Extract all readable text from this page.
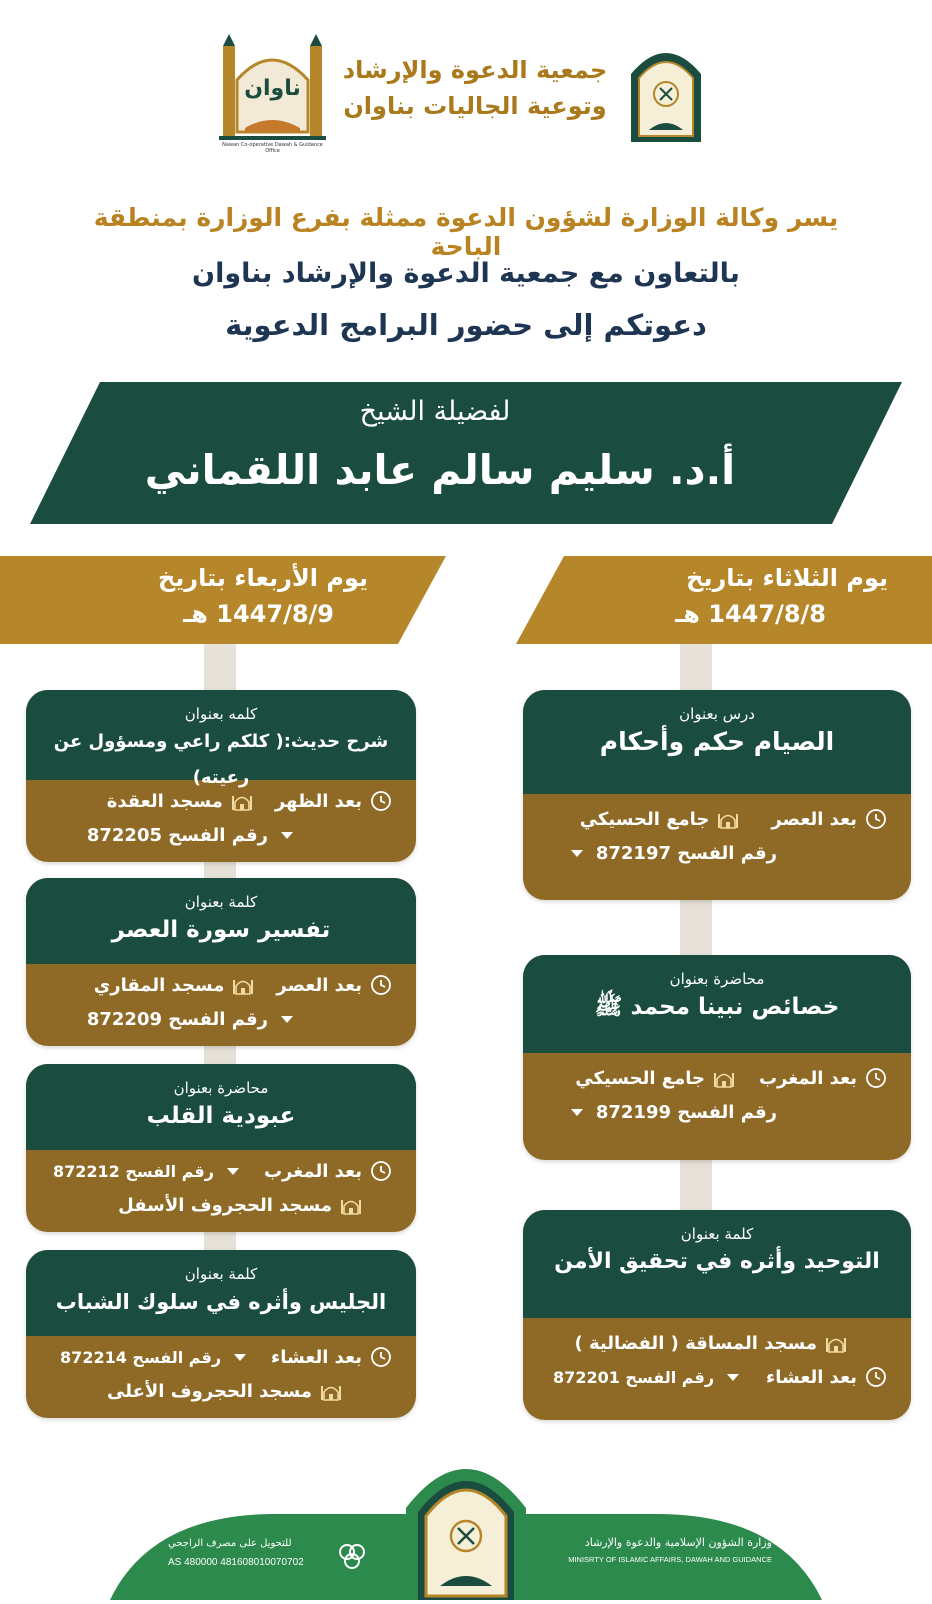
ناوان
Nawan Co-operative Dawah & Guidance Office
جمعية الدعوة والإرشاد
وتوعية الجاليات بناوان
يسر وكالة الوزارة لشؤون الدعوة ممثلة بفرع الوزارة بمنطقة الباحة
بالتعاون مع جمعية الدعوة والإرشاد بناوان
دعوتكم إلى حضور البرامج الدعوية
لفضيلة الشيخ
أ.د. سليم سالم عابد اللقماني
يوم الثلاثاء بتاريخ
1447/8/8 هـ
يوم الأربعاء بتاريخ
1447/8/9 هـ
درس بعنوان
الصيام حكم وأحكام
بعد العصر
جامع الحسيكي
رقم الفسح 872197
محاضرة بعنوان
خصائص نبينا محمد ﷺ
بعد المغرب
جامع الحسيكي
رقم الفسح 872199
كلمة بعنوان
التوحيد وأثره في تحقيق الأمن
مسجد المساقة ( الفضالية )
بعد العشاء
رقم الفسح 872201
كلمه بعنوان
شرح حديث:( كلكم راعي ومسؤول عن رعيته)
بعد الظهر
مسجد العقدة
رقم الفسح 872205
كلمة بعنوان
تفسير سورة العصر
بعد العصر
مسجد المقاري
رقم الفسح 872209
محاضرة بعنوان
عبودية القلب
بعد المغرب
رقم الفسح 872212
مسجد الحجروف الأسفل
كلمة بعنوان
الجليس وأثره في سلوك الشباب
بعد العشاء
رقم الفسح 872214
مسجد الحجروف الأعلى
وزارة الشؤون الإسلامية والدعوة والإرشاد
MINISRTY OF ISLAMIC AFFAIRS, DAWAH AND GUIDANCE
للتحويل على مصرف الراجحي
AS 480000 481608010070702
